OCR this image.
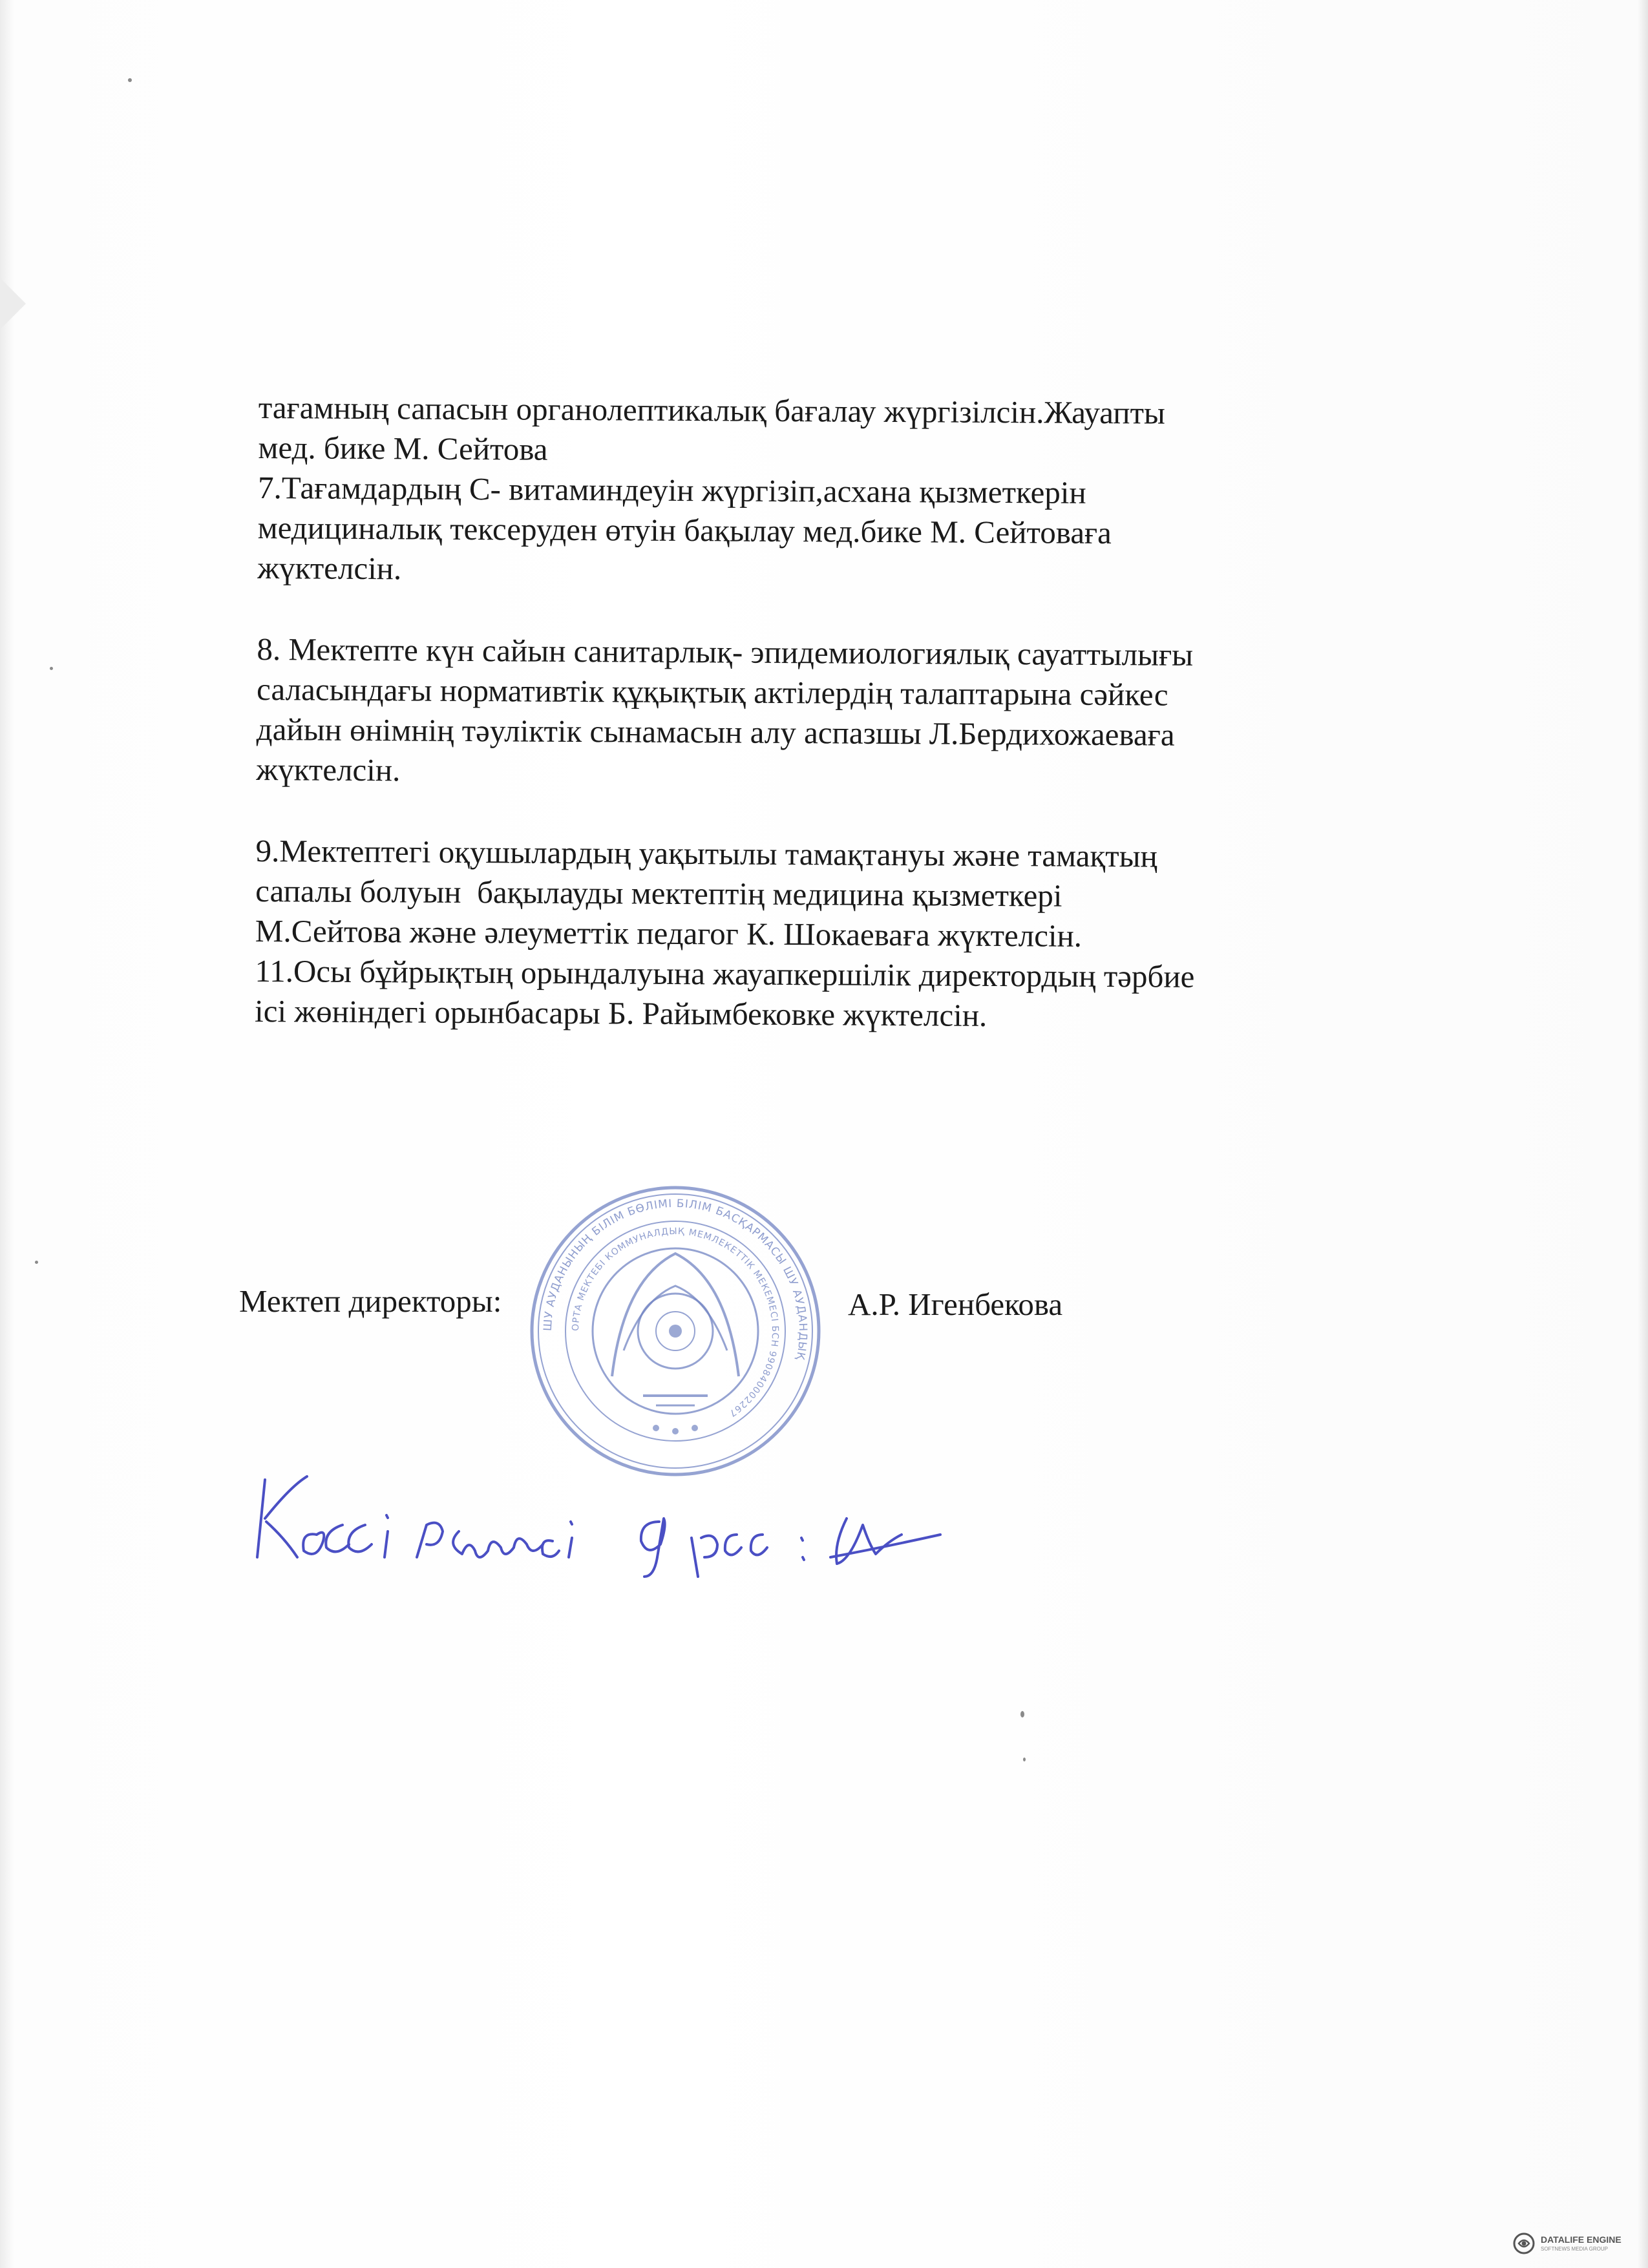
тағамның сапасын органолептикалық бағалау жүргізілсін.Жауапты
мед. бике М. Сейтова
7.Тағамдардың С- витаминдеуін жүргізіп,асхана қызметкерін
медициналық тексеруден өтуін бақылау мед.бике М. Сейтоваға
жүктелсін.
8. Мектепте күн сайын санитарлық- эпидемиологиялық сауаттылығы
саласындағы нормативтік құқықтық актілердің талаптарына сәйкес
дайын өнімнің тәуліктік сынамасын алу аспазшы Л.Бердихожаеваға
жүктелсін.
9.Мектептегі оқушылардың уақытылы тамақтануы және тамақтың
сапалы болуын  бақылауды мектептің медицина қызметкері
М.Сейтова және әлеуметтік педагог К. Шокаеваға жүктелсін.
11.Осы бұйрықтың орындалуына жауапкершілік директордың тәрбие
ісі жөніндегі орынбасары Б. Райымбековке жүктелсін.
ШУ АУДАНЫНЫҢ БІЛІМ БӨЛІМІ БІЛІМ БАСҚАРМАСЫ ШУ АУДАНДЫҚ
ОРТА МЕКТЕБІ КОММУНАЛДЫҚ МЕМЛЕКЕТТІК МЕКЕМЕСІ БСН 990840002267
Мектеп директоры:	А.Р. Игенбекова
DATALIFE ENGINE
SOFTNEWS MEDIA GROUP
